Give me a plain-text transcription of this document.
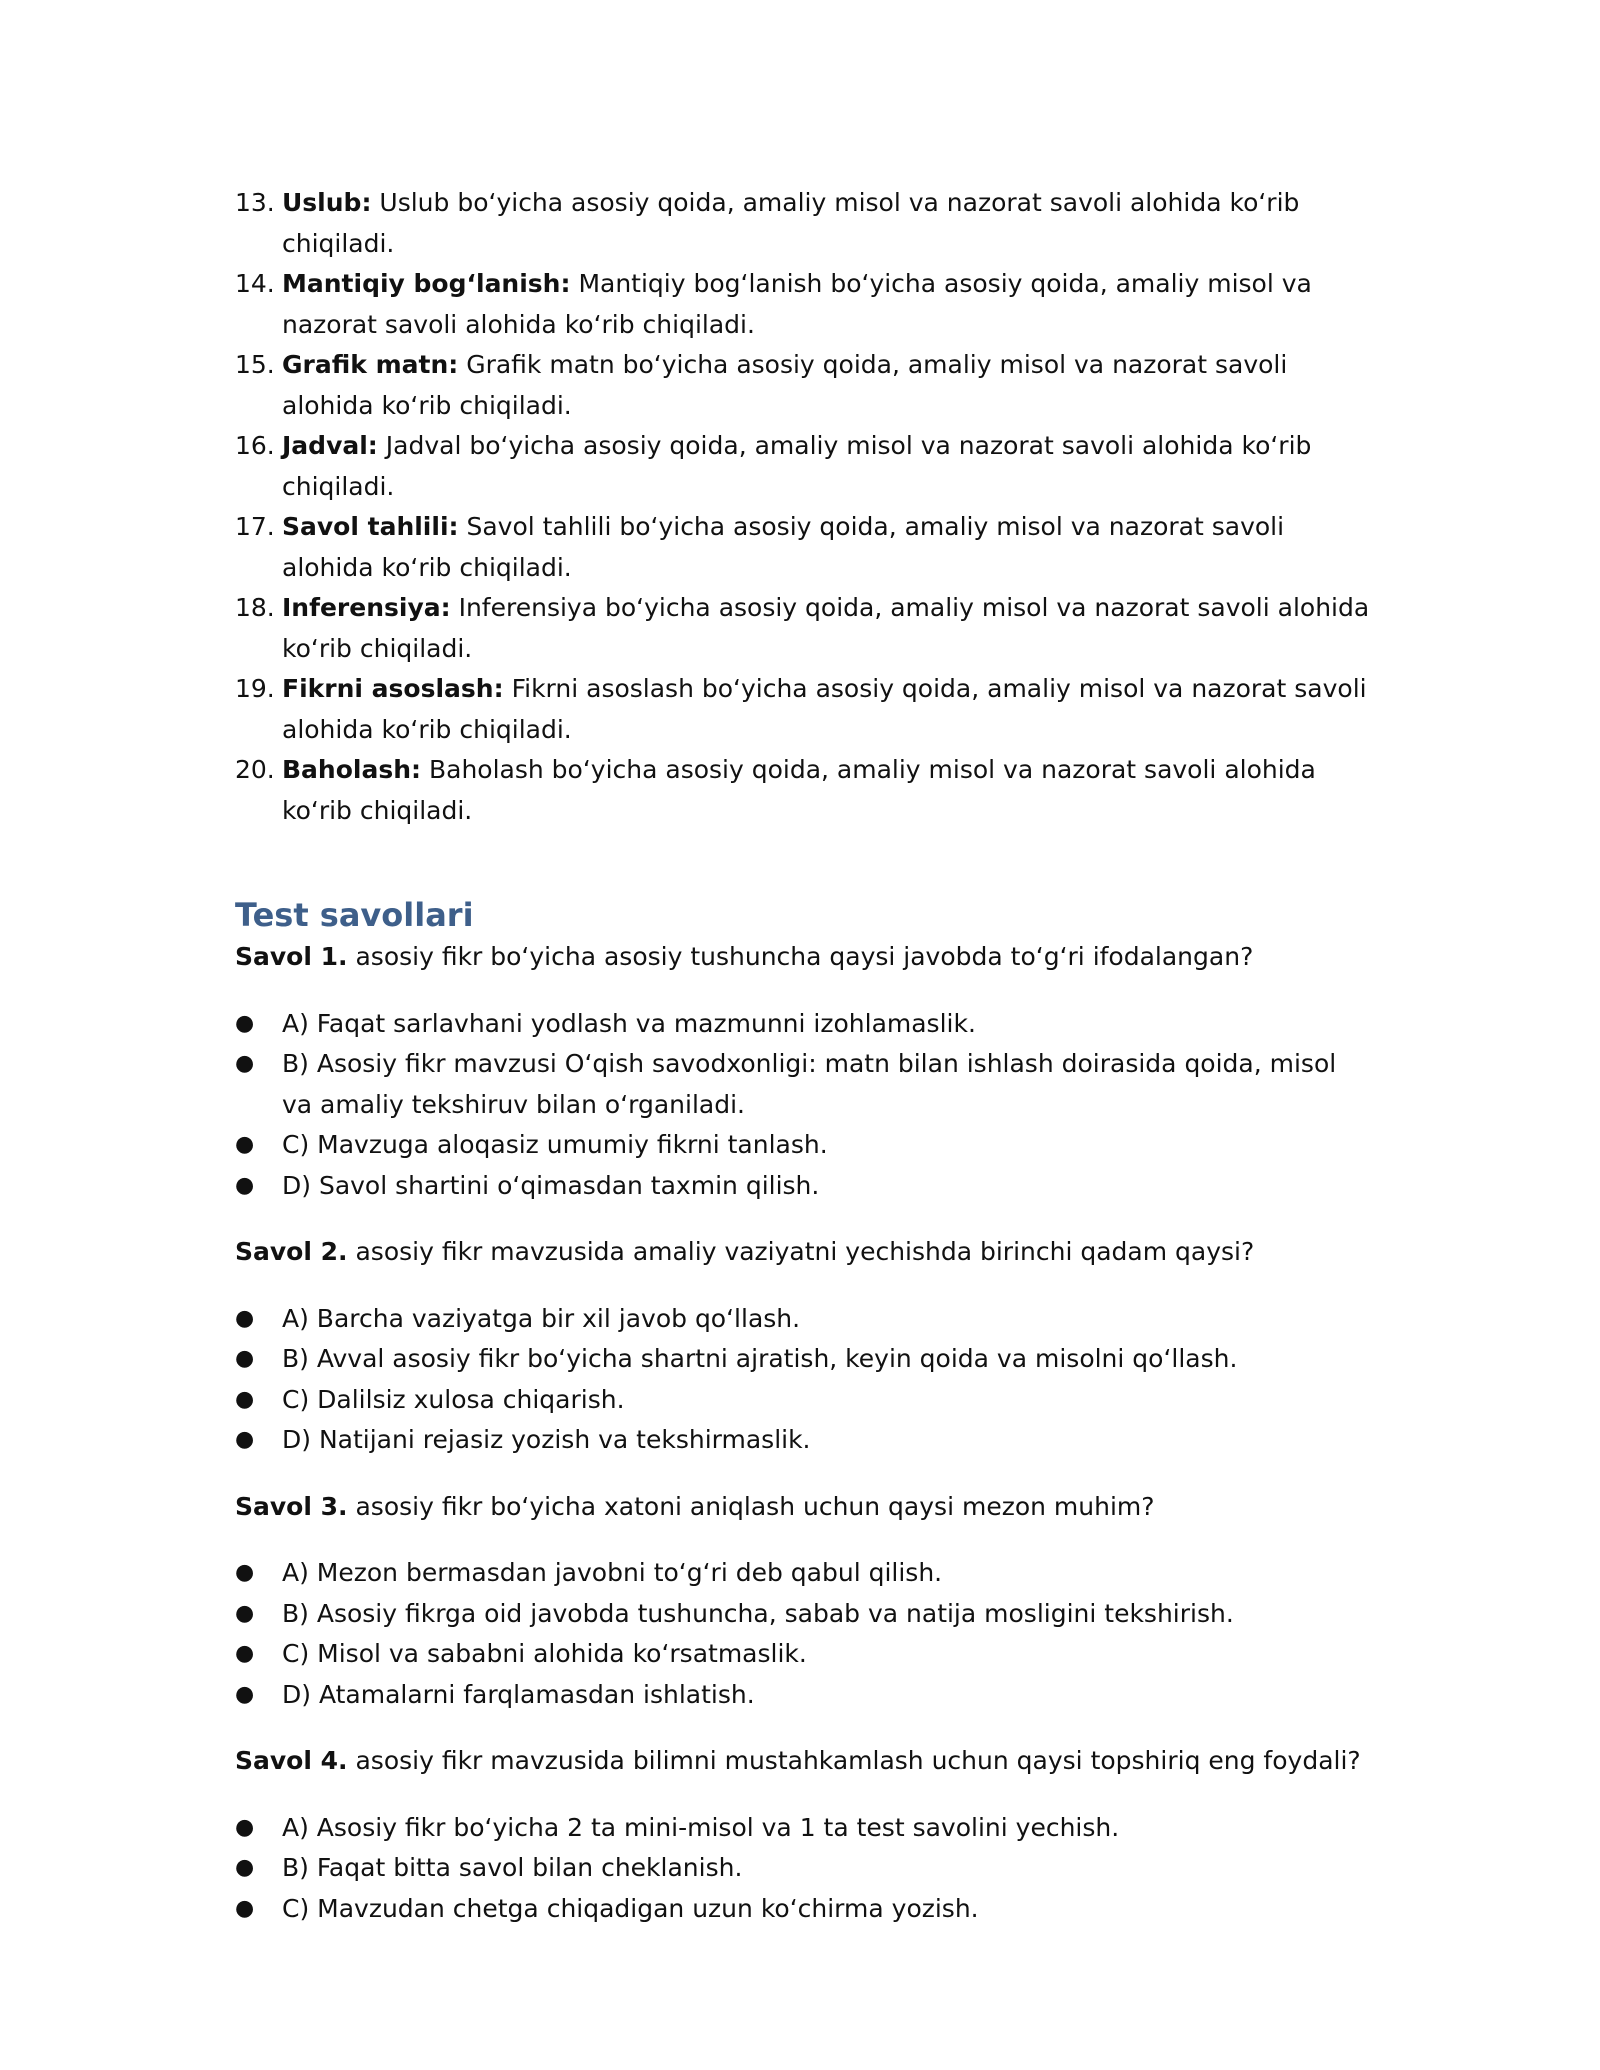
13. Uslub: Uslub bo‘yicha asosiy qoida, amaliy misol va nazorat savoli alohida ko‘rib chiqiladi.
14. Mantiqiy bog‘lanish: Mantiqiy bog‘lanish bo‘yicha asosiy qoida, amaliy misol va nazorat savoli alohida ko‘rib chiqiladi.
15. Grafik matn: Grafik matn bo‘yicha asosiy qoida, amaliy misol va nazorat savoli alohida ko‘rib chiqiladi.
16. Jadval: Jadval bo‘yicha asosiy qoida, amaliy misol va nazorat savoli alohida ko‘rib chiqiladi.
17. Savol tahlili: Savol tahlili bo‘yicha asosiy qoida, amaliy misol va nazorat savoli alohida ko‘rib chiqiladi.
18. Inferensiya: Inferensiya bo‘yicha asosiy qoida, amaliy misol va nazorat savoli alohida ko‘rib chiqiladi.
19. Fikrni asoslash: Fikrni asoslash bo‘yicha asosiy qoida, amaliy misol va nazorat savoli alohida ko‘rib chiqiladi.
20. Baholash: Baholash bo‘yicha asosiy qoida, amaliy misol va nazorat savoli alohida ko‘rib chiqiladi.
Test savollari

Savol 1. asosiy fikr bo‘yicha asosiy tushuncha qaysi javobda to‘g‘ri ifodalangan?

●	A) Faqat sarlavhani yodlash va mazmunni izohlamaslik.
●	B) Asosiy fikr mavzusi O‘qish savodxonligi: matn bilan ishlash doirasida qoida, misol va amaliy tekshiruv bilan o‘rganiladi.
●	C) Mavzuga aloqasiz umumiy fikrni tanlash.
●	D) Savol shartini o‘qimasdan taxmin qilish.

Savol 2. asosiy fikr mavzusida amaliy vaziyatni yechishda birinchi qadam qaysi?

●	A) Barcha vaziyatga bir xil javob qo‘llash.
●	B) Avval asosiy fikr bo‘yicha shartni ajratish, keyin qoida va misolni qo‘llash.
●	C) Dalilsiz xulosa chiqarish.
●	D) Natijani rejasiz yozish va tekshirmaslik.

Savol 3. asosiy fikr bo‘yicha xatoni aniqlash uchun qaysi mezon muhim?

●	A) Mezon bermasdan javobni to‘g‘ri deb qabul qilish.
●	B) Asosiy fikrga oid javobda tushuncha, sabab va natija mosligini tekshirish.
●	C) Misol va sababni alohida ko‘rsatmaslik.
●	D) Atamalarni farqlamasdan ishlatish.

Savol 4. asosiy fikr mavzusida bilimni mustahkamlash uchun qaysi topshiriq eng foydali?

●	A) Asosiy fikr bo‘yicha 2 ta mini-misol va 1 ta test savolini yechish.
●	B) Faqat bitta savol bilan cheklanish.
●	C) Mavzudan chetga chiqadigan uzun ko‘chirma yozish.
